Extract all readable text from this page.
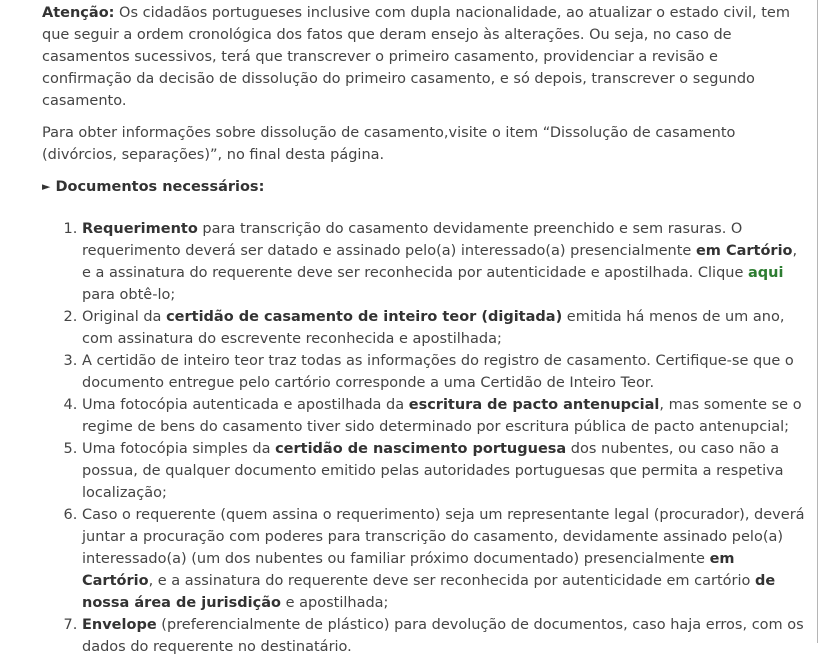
Atenção: Os cidadãos portugueses inclusive com dupla nacionalidade, ao atualizar o estado civil, tem que seguir a ordem cronológica dos fatos que deram ensejo às alterações. Ou seja, no caso de casamentos sucessivos, terá que transcrever o primeiro casamento, providenciar a revisão e confirmação da decisão de dissolução do primeiro casamento, e só depois, transcrever o segundo casamento.

Para obter informações sobre dissolução de casamento,visite o item “Dissolução de casamento (divórcios, separações)”, no final desta página.

► Documentos necessários:

1. Requerimento para transcrição do casamento devidamente preenchido e sem rasuras. O requerimento deverá ser datado e assinado pelo(a) interessado(a) presencialmente em Cartório, e a assinatura do requerente deve ser reconhecida por autenticidade e apostilhada. Clique aqui para obtê-lo;
2. Original da certidão de casamento de inteiro teor (digitada) emitida há menos de um ano, com assinatura do escrevente reconhecida e apostilhada;
3. A certidão de inteiro teor traz todas as informações do registro de casamento. Certifique-se que o documento entregue pelo cartório corresponde a uma Certidão de Inteiro Teor.
4. Uma fotocópia autenticada e apostilhada da escritura de pacto antenupcial, mas somente se o regime de bens do casamento tiver sido determinado por escritura pública de pacto antenupcial;
5. Uma fotocópia simples da certidão de nascimento portuguesa dos nubentes, ou caso não a possua, de qualquer documento emitido pelas autoridades portuguesas que permita a respetiva localização;
6. Caso o requerente (quem assina o requerimento) seja um representante legal (procurador), deverá juntar a procuração com poderes para transcrição do casamento, devidamente assinado pelo(a) interessado(a) (um dos nubentes ou familiar próximo documentado) presencialmente em Cartório, e a assinatura do requerente deve ser reconhecida por autenticidade em cartório de nossa área de jurisdição e apostilhada;
7. Envelope (preferencialmente de plástico) para devolução de documentos, caso haja erros, com os dados do requerente no destinatário.
